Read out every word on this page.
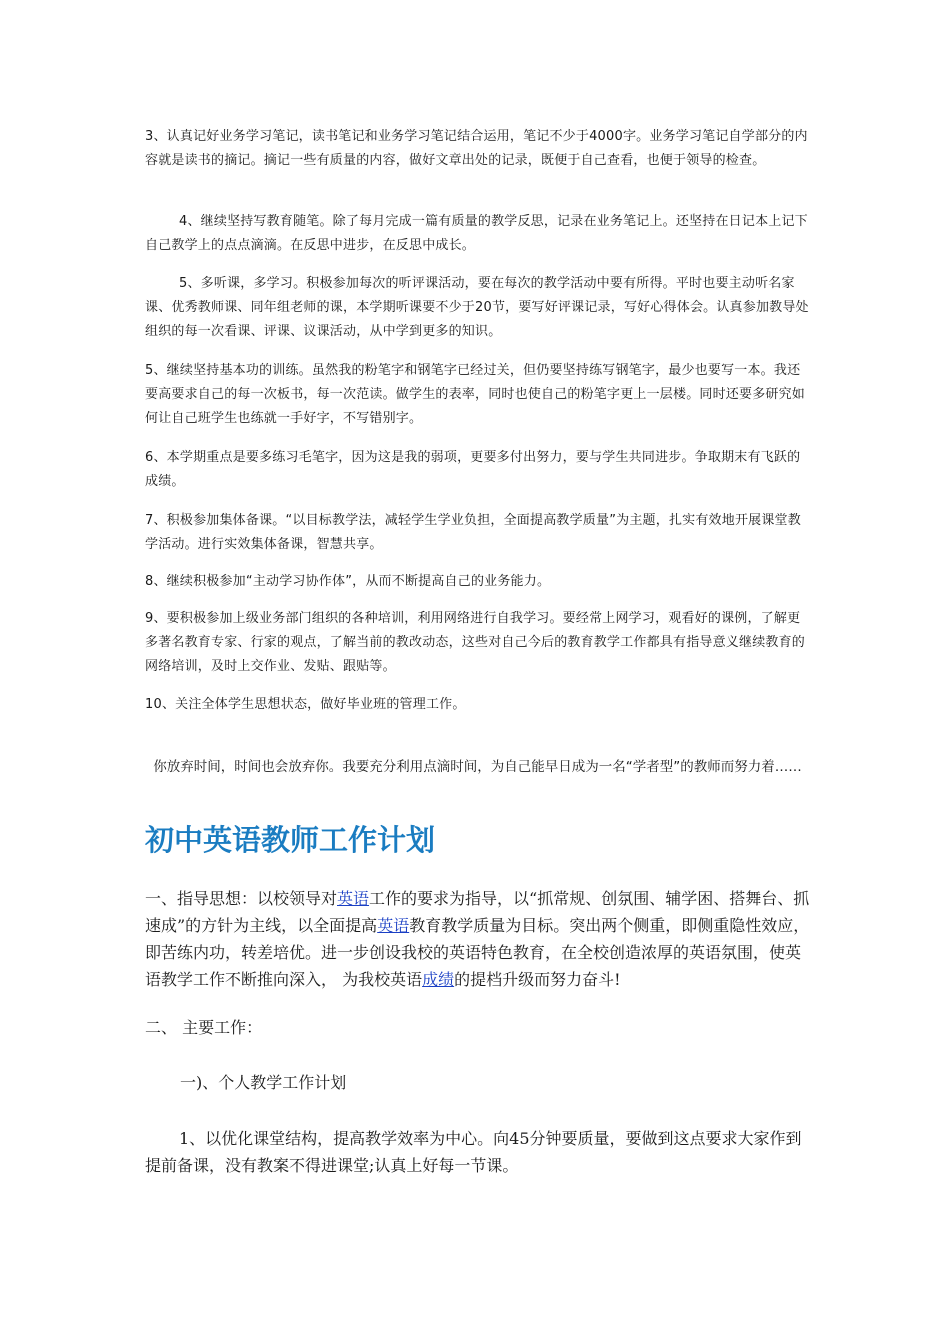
3、认真记好业务学习笔记，读书笔记和业务学习笔记结合运用，笔记不少于4000字。业务学习笔记自学部分的内容就是读书的摘记。摘记一些有质量的内容，做好文章出处的记录，既便于自己查看，也便于领导的检查。

4、继续坚持写教育随笔。除了每月完成一篇有质量的教学反思，记录在业务笔记上。还坚持在日记本上记下自己教学上的点点滴滴。在反思中进步，在反思中成长。

5、多听课，多学习。积极参加每次的听评课活动，要在每次的教学活动中要有所得。平时也要主动听名家课、优秀教师课、同年组老师的课，本学期听课要不少于20节，要写好评课记录，写好心得体会。认真参加教导处组织的每一次看课、评课、议课活动，从中学到更多的知识。

5、继续坚持基本功的训练。虽然我的粉笔字和钢笔字已经过关，但仍要坚持练写钢笔字，最少也要写一本。我还要高要求自己的每一次板书，每一次范读。做学生的表率，同时也使自己的粉笔字更上一层楼。同时还要多研究如何让自己班学生也练就一手好字，不写错别字。

6、本学期重点是要多练习毛笔字，因为这是我的弱项，更要多付出努力，要与学生共同进步。争取期末有飞跃的成绩。

7、积极参加集体备课。“以目标教学法，减轻学生学业负担，全面提高教学质量”为主题，扎实有效地开展课堂教学活动。进行实效集体备课，智慧共享。

8、继续积极参加“主动学习协作体”，从而不断提高自己的业务能力。

9、要积极参加上级业务部门组织的各种培训，利用网络进行自我学习。要经常上网学习，观看好的课例，了解更多著名教育专家、行家的观点，了解当前的教改动态，这些对自己今后的教育教学工作都具有指导意义继续教育的网络培训，及时上交作业、发贴、跟贴等。

10、关注全体学生思想状态，做好毕业班的管理工作。

你放弃时间，时间也会放弃你。我要充分利用点滴时间，为自己能早日成为一名“学者型”的教师而努力着……

初中英语教师工作计划

一、指导思想：以校领导对英语工作的要求为指导，以“抓常规、创氛围、辅学困、搭舞台、抓速成”的方针为主线，以全面提高英语教育教学质量为目标。突出两个侧重，即侧重隐性效应，即苦练内功，转差培优。进一步创设我校的英语特色教育，在全校创造浓厚的英语氛围，使英语教学工作不断推向深入， 为我校英语成绩的提档升级而努力奋斗!

二、 主要工作：

一)、个人教学工作计划

1、以优化课堂结构，提高教学效率为中心。向45分钟要质量，要做到这点要求大家作到提前备课，没有教案不得进课堂;认真上好每一节课。
